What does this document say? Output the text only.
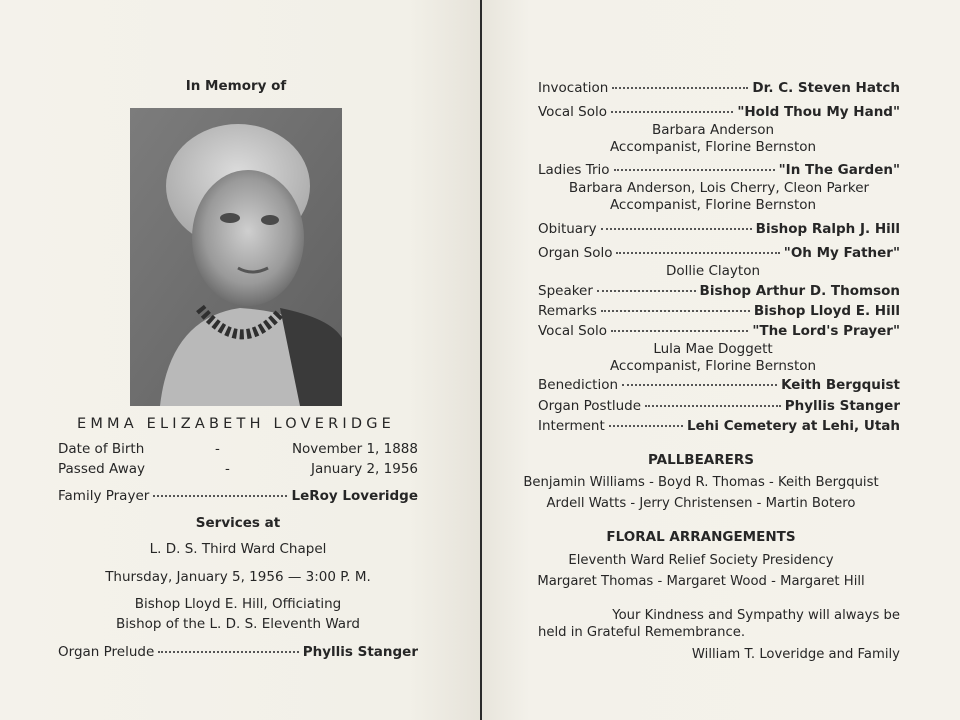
In Memory of
EMMA ELIZABETH LOVERIDGE
Date of Birth	-	November 1, 1888
Passed Away	-	January 2, 1956
Family Prayer	LeRoy Loveridge
Services at
L. D. S. Third Ward Chapel
Thursday, January 5, 1956 — 3:00 P. M.
Bishop Lloyd E. Hill, Officiating
Bishop of the L. D. S. Eleventh Ward
Organ Prelude	Phyllis Stanger
Invocation	Dr. C. Steven Hatch
Vocal Solo	"Hold Thou My Hand"
Barbara Anderson
Accompanist, Florine Bernston
Ladies Trio	"In The Garden"
Barbara Anderson, Lois Cherry, Cleon Parker
Accompanist, Florine Bernston
Obituary	Bishop Ralph J. Hill
Organ Solo	"Oh My Father"
Dollie Clayton
Speaker	Bishop Arthur D. Thomson
Remarks	Bishop Lloyd E. Hill
Vocal Solo	"The Lord's Prayer"
Lula Mae Doggett
Accompanist, Florine Bernston
Benediction	Keith Bergquist
Organ Postlude	Phyllis Stanger
Interment	Lehi Cemetery at Lehi, Utah
PALLBEARERS
Benjamin Williams - Boyd R. Thomas - Keith Bergquist
Ardell Watts - Jerry Christensen - Martin Botero
FLORAL ARRANGEMENTS
Eleventh Ward Relief Society Presidency
Margaret Thomas - Margaret Wood - Margaret Hill
Your Kindness and Sympathy will always be
held in Grateful Remembrance.
William T. Loveridge and Family
